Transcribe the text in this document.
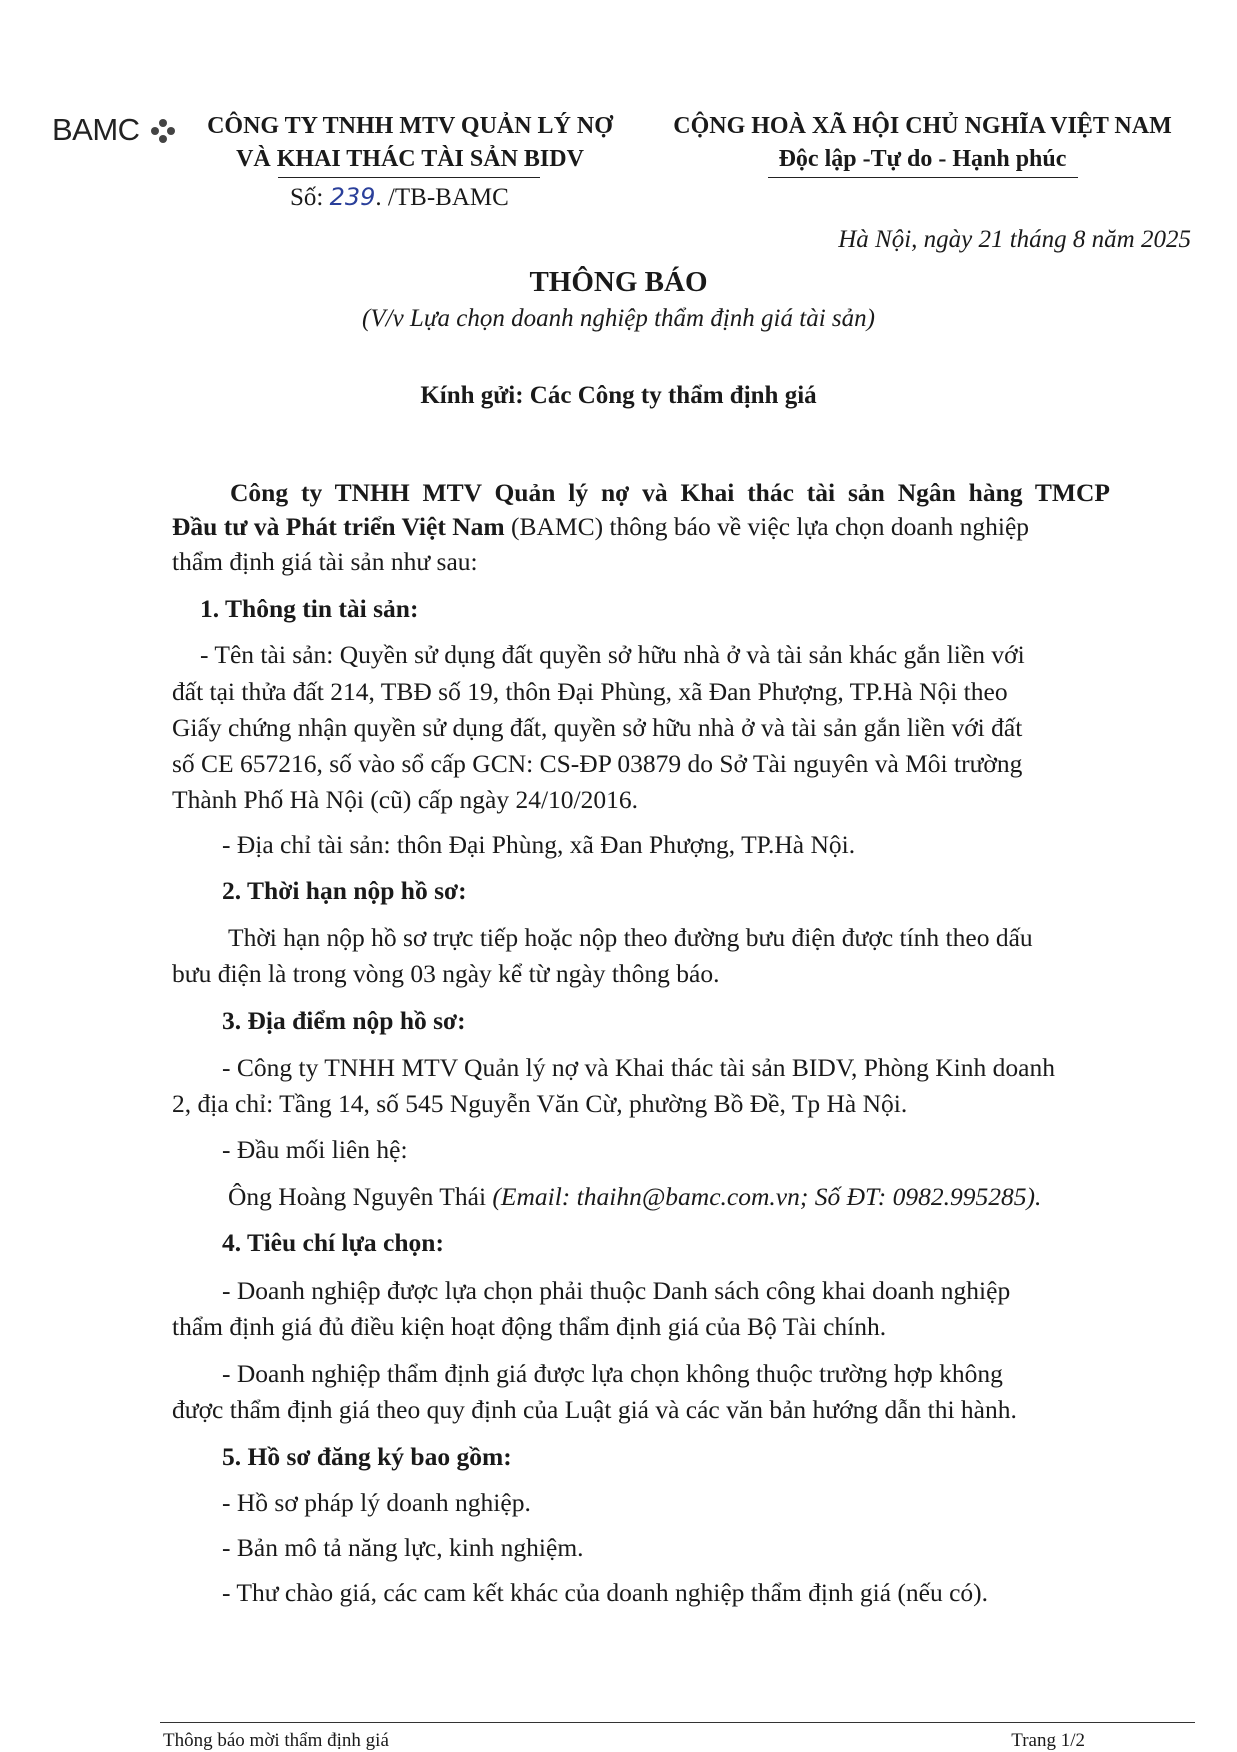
BAMC	CÔNG TY TNHH MTV QUẢN LÝ NỢ
VÀ KHAI THÁC TÀI SẢN BIDV
Số: 239. /TB-BAMC
CỘNG HOÀ XÃ HỘI CHỦ NGHĨA VIỆT NAM
Độc lập -Tự do - Hạnh phúc
Hà Nội, ngày 21 tháng 8 năm 2025
THÔNG BÁO
(V/v Lựa chọn doanh nghiệp thẩm định giá tài sản)
Kính gửi: Các Công ty thẩm định giá
Công ty TNHH MTV Quản lý nợ và Khai thác tài sản Ngân hàng TMCP
Đầu tư và Phát triển Việt Nam (BAMC) thông báo về việc lựa chọn doanh nghiệp
thẩm định giá tài sản như sau:
1. Thông tin tài sản:
- Tên tài sản: Quyền sử dụng đất quyền sở hữu nhà ở và tài sản khác gắn liền với
đất tại thửa đất 214, TBĐ số 19, thôn Đại Phùng, xã Đan Phượng, TP.Hà Nội theo
Giấy chứng nhận quyền sử dụng đất, quyền sở hữu nhà ở và tài sản gắn liền với đất
số CE 657216, số vào sổ cấp GCN: CS-ĐP 03879 do Sở Tài nguyên và Môi trường
Thành Phố Hà Nội (cũ) cấp ngày 24/10/2016.
- Địa chỉ tài sản: thôn Đại Phùng, xã Đan Phượng, TP.Hà Nội.
2. Thời hạn nộp hồ sơ:
Thời hạn nộp hồ sơ trực tiếp hoặc nộp theo đường bưu điện được tính theo dấu
bưu điện là trong vòng 03 ngày kể từ ngày thông báo.
3. Địa điểm nộp hồ sơ:
- Công ty TNHH MTV Quản lý nợ và Khai thác tài sản BIDV, Phòng Kinh doanh
2, địa chỉ: Tầng 14, số 545 Nguyễn Văn Cừ, phường Bồ Đề, Tp Hà Nội.
- Đầu mối liên hệ:
Ông Hoàng Nguyên Thái (Email: thaihn@bamc.com.vn; Số ĐT: 0982.995285).
4. Tiêu chí lựa chọn:
- Doanh nghiệp được lựa chọn phải thuộc Danh sách công khai doanh nghiệp
thẩm định giá đủ điều kiện hoạt động thẩm định giá của Bộ Tài chính.
- Doanh nghiệp thẩm định giá được lựa chọn không thuộc trường hợp không
được thẩm định giá theo quy định của Luật giá và các văn bản hướng dẫn thi hành.
5. Hồ sơ đăng ký bao gồm:
- Hồ sơ pháp lý doanh nghiệp.
- Bản mô tả năng lực, kinh nghiệm.
- Thư chào giá, các cam kết khác của doanh nghiệp thẩm định giá (nếu có).
Thông báo mời thẩm định giá	Trang 1/2
